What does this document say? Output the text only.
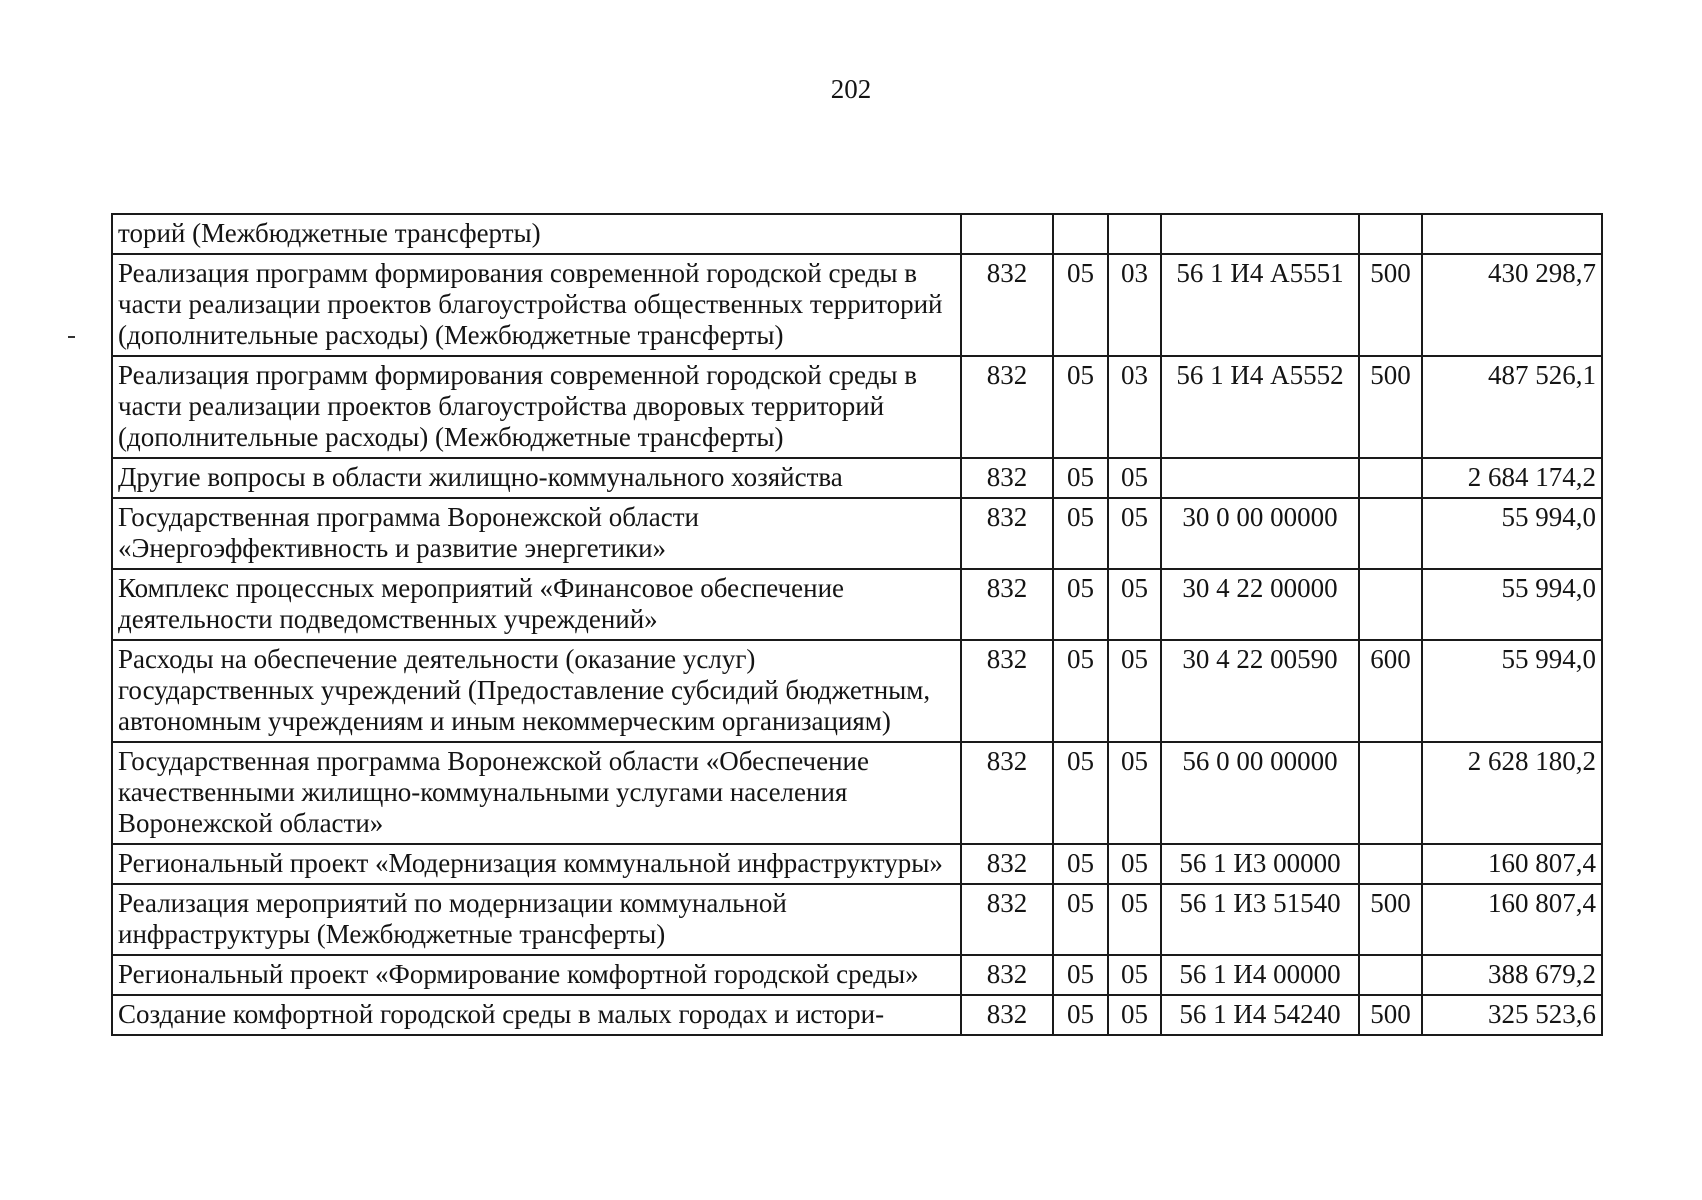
202
торий (Межбюджетные трансферты)						
Реализация программ формирования современной городской среды в части реализации проектов благоустройства общественных территорий (дополнительные расходы) (Межбюджетные трансферты)	832	05	03	56 1 И4 А5551	500	430 298,7
Реализация программ формирования современной городской среды в части реализации проектов благоустройства дворовых территорий (дополнительные расходы) (Межбюджетные трансферты)	832	05	03	56 1 И4 А5552	500	487 526,1
Другие вопросы в области жилищно-коммунального хозяйства	832	05	05			2 684 174,2
Государственная программа Воронежской области «Энергоэффективность и развитие энергетики»	832	05	05	30 0 00 00000		55 994,0
Комплекс процессных мероприятий «Финансовое обеспечение деятельности подведомственных учреждений»	832	05	05	30 4 22 00000		55 994,0
Расходы на обеспечение деятельности (оказание услуг) государственных учреждений (Предоставление субсидий бюджетным, автономным учреждениям и иным некоммерческим организациям)	832	05	05	30 4 22 00590	600	55 994,0
Государственная программа Воронежской области «Обеспечение качественными жилищно-коммунальными услугами населения Воронежской области»	832	05	05	56 0 00 00000		2 628 180,2
Региональный проект «Модернизация коммунальной инфраструктуры»	832	05	05	56 1 И3 00000		160 807,4
Реализация мероприятий по модернизации коммунальной инфраструктуры (Межбюджетные трансферты)	832	05	05	56 1 И3 51540	500	160 807,4
Региональный проект «Формирование комфортной городской среды»	832	05	05	56 1 И4 00000		388 679,2
Создание комфортной городской среды в малых городах и истори-	832	05	05	56 1 И4 54240	500	325 523,6
